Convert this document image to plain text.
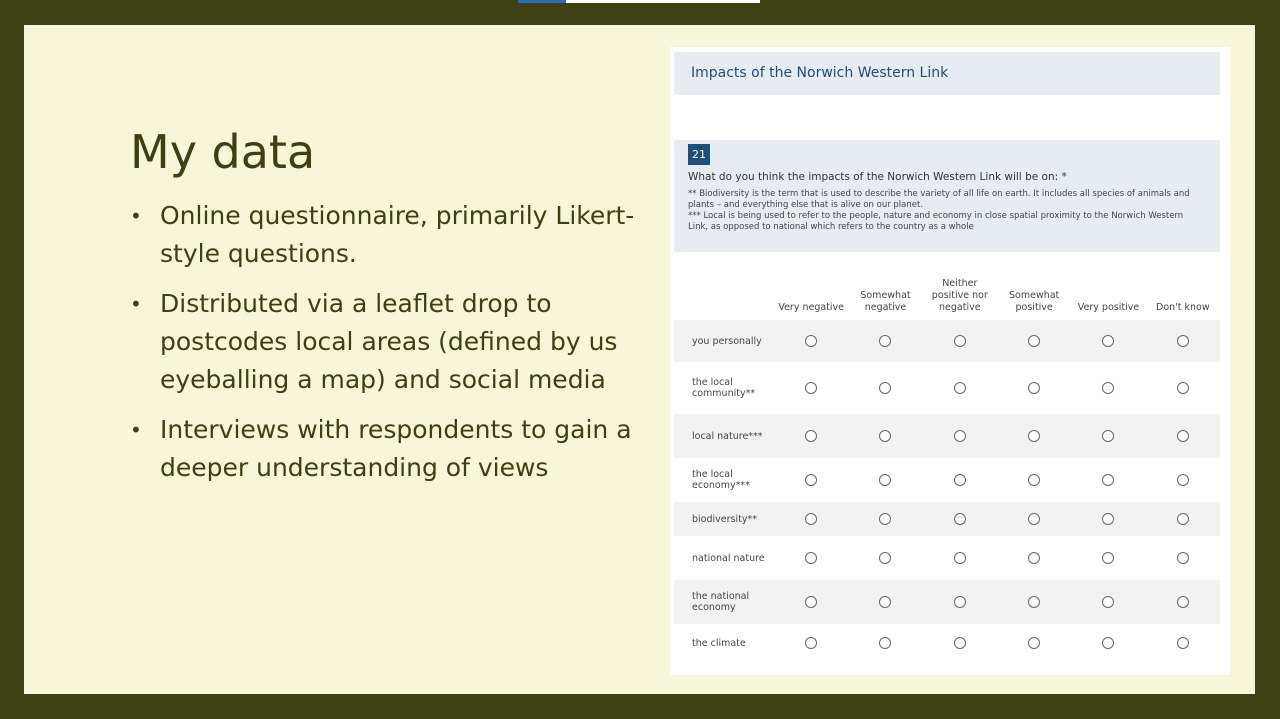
My data
• Online questionnaire, primarily Likert-style questions.
• Distributed via a leaflet drop to postcodes local areas (defined by us eyeballing a map) and social media
• Interviews with respondents to gain a deeper understanding of views
Impacts of the Norwich Western Link
21
What do you think the impacts of the Norwich Western Link will be on: *
** Biodiversity is the term that is used to describe the variety of all life on earth. It includes all species of animals and plants – and everything else that is alive on our planet.
*** Local is being used to refer to the people, nature and economy in close spatial proximity to the Norwich Western Link, as opposed to national which refers to the country as a whole
	Very negative	Somewhat negative	Neither positive nor negative	Somewhat positive	Very positive	Don't know
you personally						
the local community**						
local nature***						
the local economy***						
biodiversity**						
national nature						
the national economy						
the climate						
